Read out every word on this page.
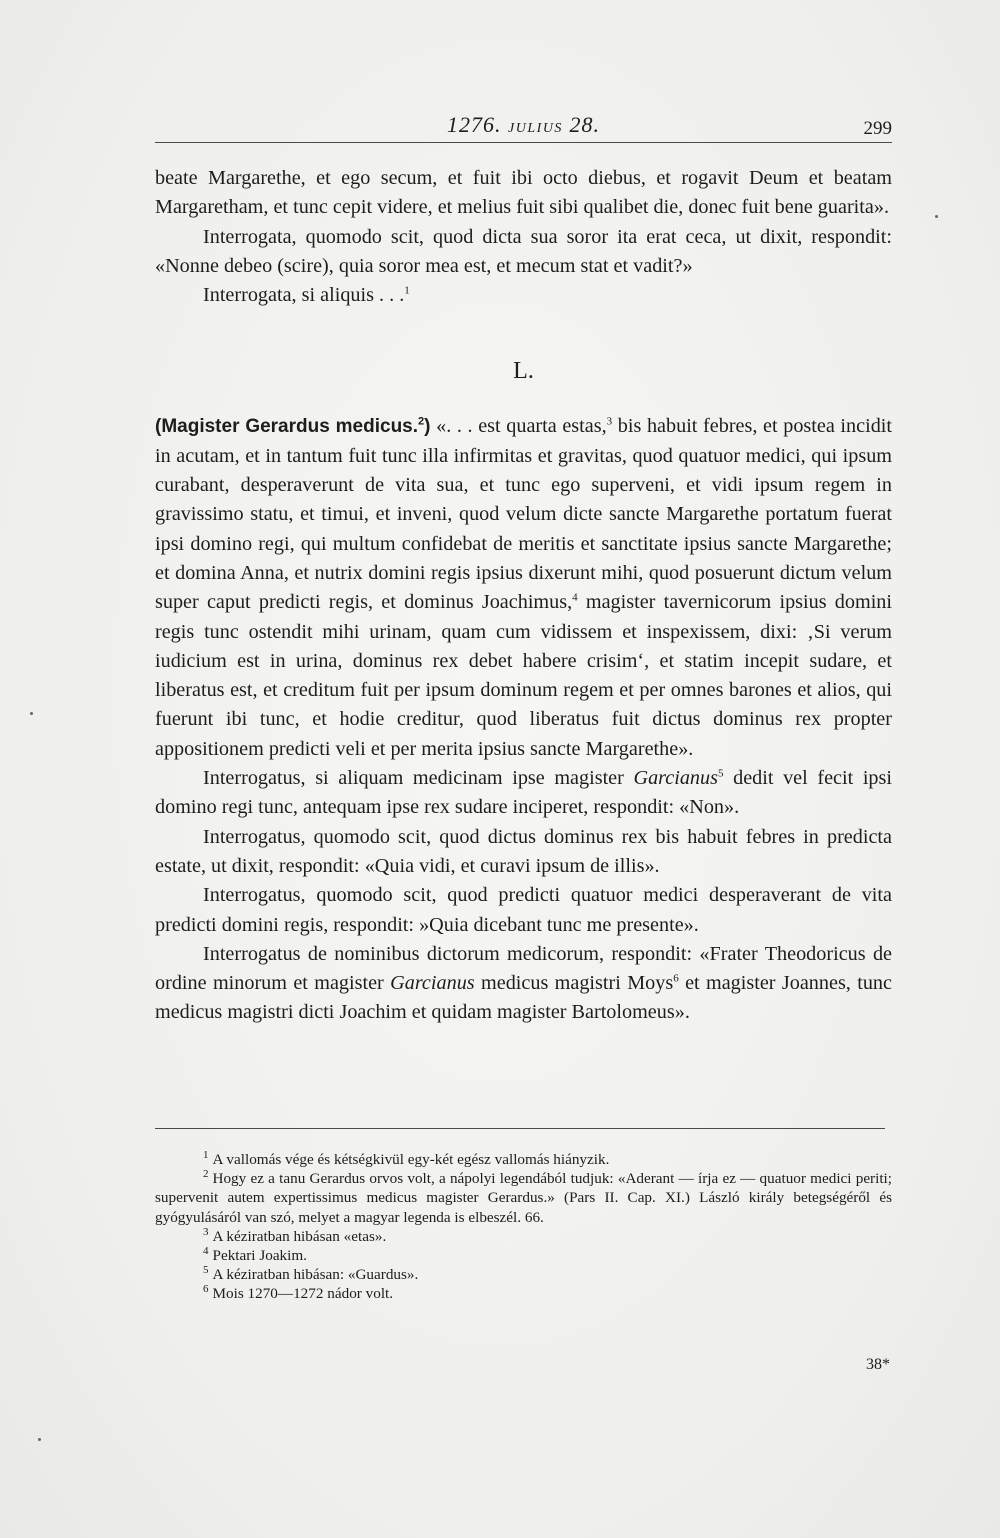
1276. JULIUS 28.	299

beate Margarethe, et ego secum, et fuit ibi octo diebus, et rogavit Deum et beatam Margaretham, et tunc cepit videre, et melius fuit sibi qualibet die, donec fuit bene guarita».

Interrogata, quomodo scit, quod dicta sua soror ita erat ceca, ut dixit, respondit: «Nonne debeo (scire), quia soror mea est, et mecum stat et vadit?»

Interrogata, si aliquis . . .$^1$

L.

(Magister Gerardus medicus.$^2$) «. . . est quarta estas,$^3$ bis habuit febres, et postea incidit in acutam, et in tantum fuit tunc illa infirmitas et gravitas, quod quatuor medici, qui ipsum curabant, desperaverunt de vita sua, et tunc ego superveni, et vidi ipsum regem in gravissimo statu, et timui, et inveni, quod velum dicte sancte Margarethe portatum fuerat ipsi domino regi, qui multum confidebat de meritis et sanctitate ipsius sancte Margarethe; et domina Anna, et nutrix domini regis ipsius dixerunt mihi, quod posuerunt dictum velum super caput predicti regis, et dominus Joachimus,$^4$ magister tavernicorum ipsius domini regis tunc ostendit mihi urinam, quam cum vidissem et inspexissem, dixi: ‚Si verum iudicium est in urina, dominus rex debet habere crisim‘, et statim incepit sudare, et liberatus est, et creditum fuit per ipsum dominum regem et per omnes barones et alios, qui fuerunt ibi tunc, et hodie creditur, quod liberatus fuit dictus dominus rex propter appositionem predicti veli et per merita ipsius sancte Margarethe».

Interrogatus, si aliquam medicinam ipse magister Garcianus$^5$ dedit vel fecit ipsi domino regi tunc, antequam ipse rex sudare inciperet, respondit: «Non».

Interrogatus, quomodo scit, quod dictus dominus rex bis habuit febres in predicta estate, ut dixit, respondit: «Quia vidi, et curavi ipsum de illis».

Interrogatus, quomodo scit, quod predicti quatuor medici desperaverant de vita predicti domini regis, respondit: »Quia dicebant tunc me presente».

Interrogatus de nominibus dictorum medicorum, respondit: «Frater Theodoricus de ordine minorum et magister Garcianus medicus magistri Moys$^6$ et magister Joannes, tunc medicus magistri dicti Joachim et quidam magister Bartolomeus».

$^1$ A vallomás vége és kétségkivül egy-két egész vallomás hiányzik.

$^2$ Hogy ez a tanu Gerardus orvos volt, a nápolyi legendából tudjuk: «Aderant — írja ez — quatuor medici periti; supervenit autem expertissimus medicus magister Gerardus.» (Pars II. Cap. XI.) László király betegségéről és gyógyulásáról van szó, melyet a magyar legenda is elbeszél. 66.

$^3$ A kéziratban hibásan «etas».

$^4$ Pektari Joakim.

$^5$ A kéziratban hibásan: «Guardus».

$^6$ Mois 1270—1272 nádor volt.

38*
